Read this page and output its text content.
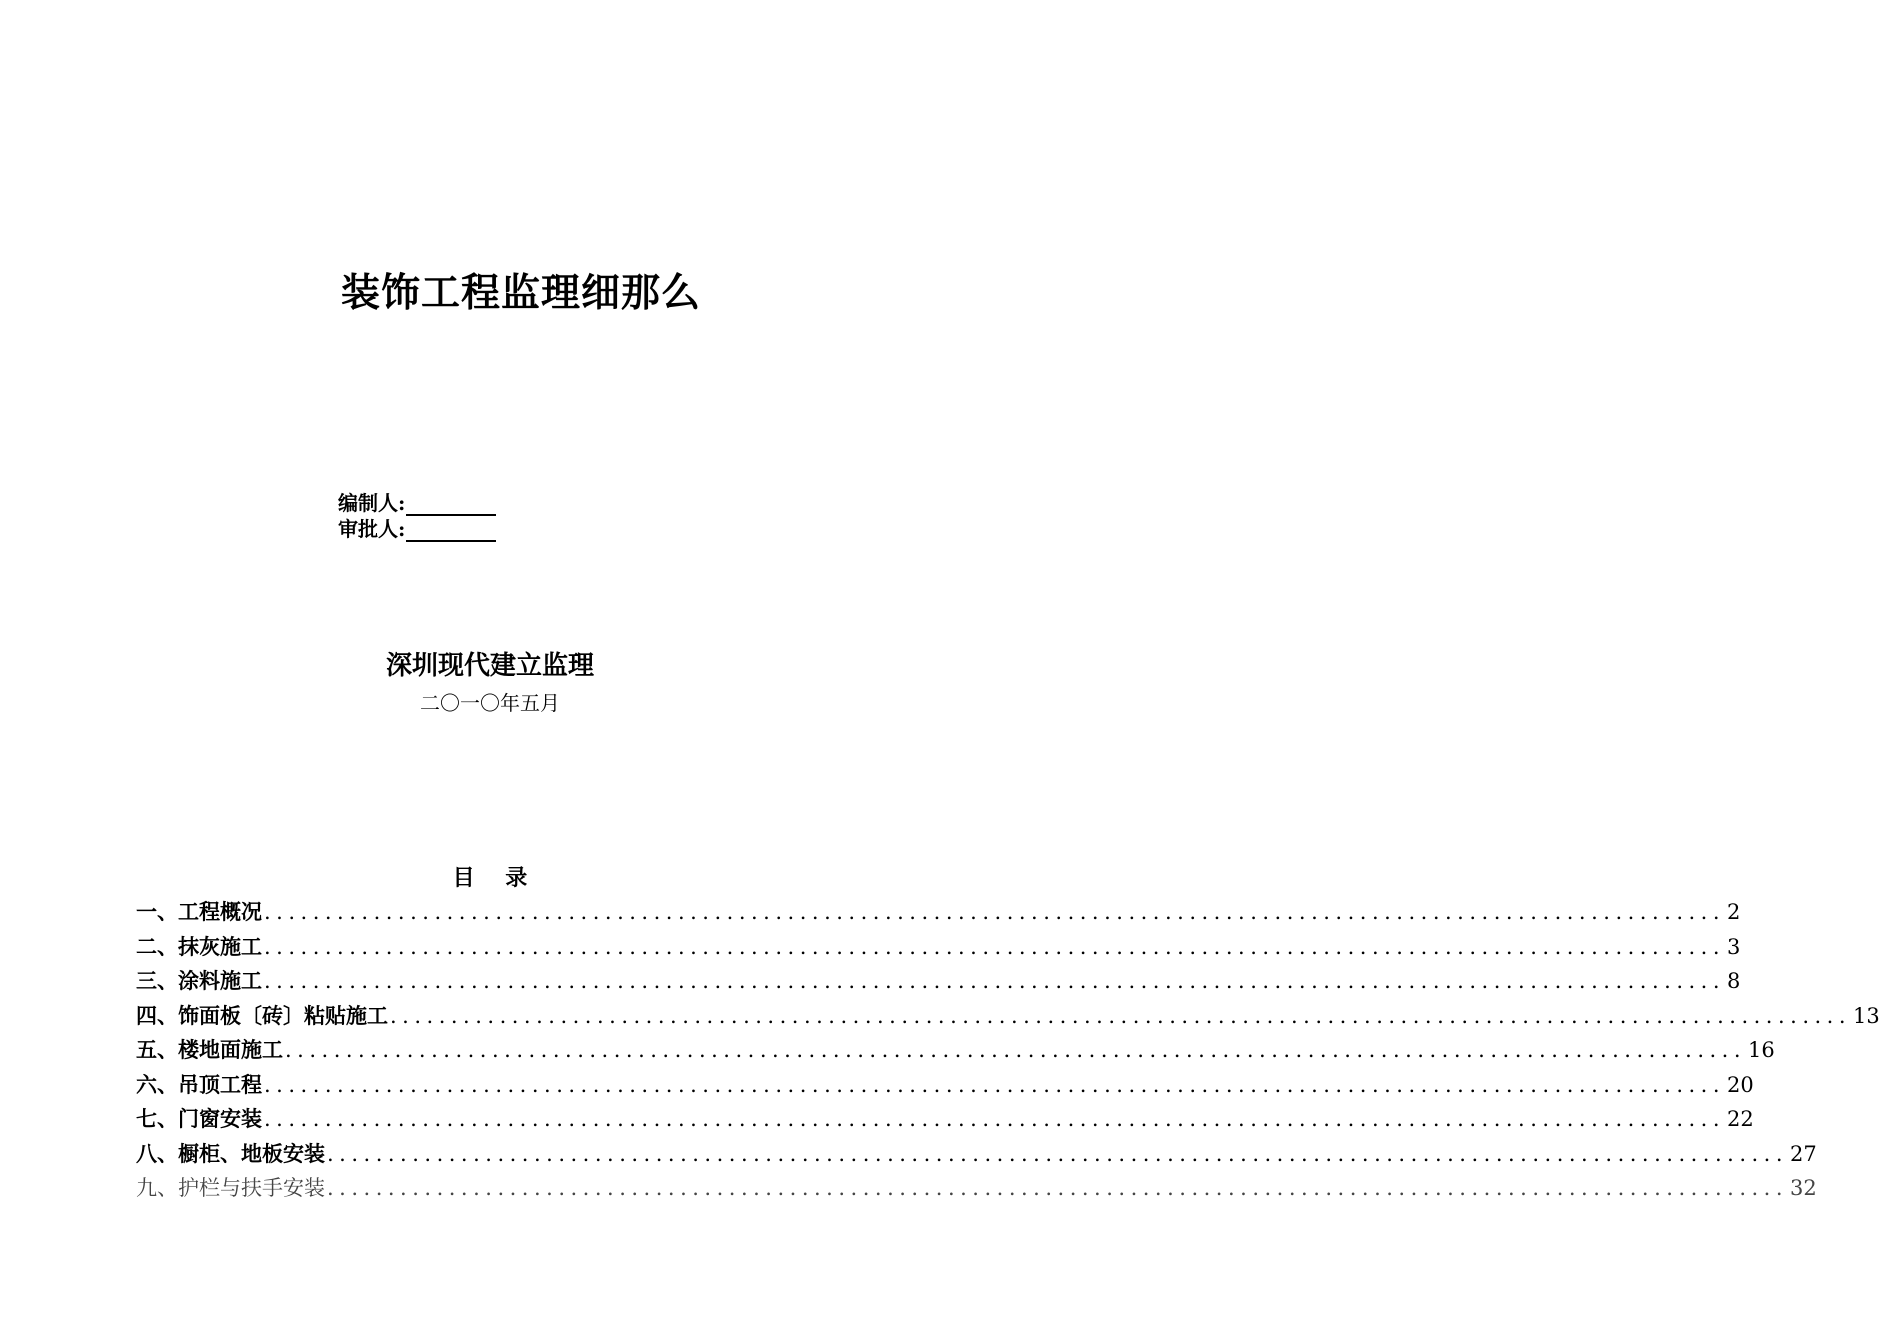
装饰工程监理细那么
编制人:
审批人:
深圳现代建立监理
二〇一〇年五月
目    录
一、工程概况 ........................................................................................................................ 2
二、抹灰施工 ........................................................................................................................ 3
三、涂料施工 ........................................................................................................................ 8
四、饰面板〔砖〕粘贴施工 ........................................................................................................................ 13
五、楼地面施工 ........................................................................................................................ 16
六、吊顶工程 ........................................................................................................................ 20
七、门窗安装 ........................................................................................................................ 22
八、橱柜、地板安装 ........................................................................................................................ 27
九、护栏与扶手安装 ........................................................................................................................ 32
